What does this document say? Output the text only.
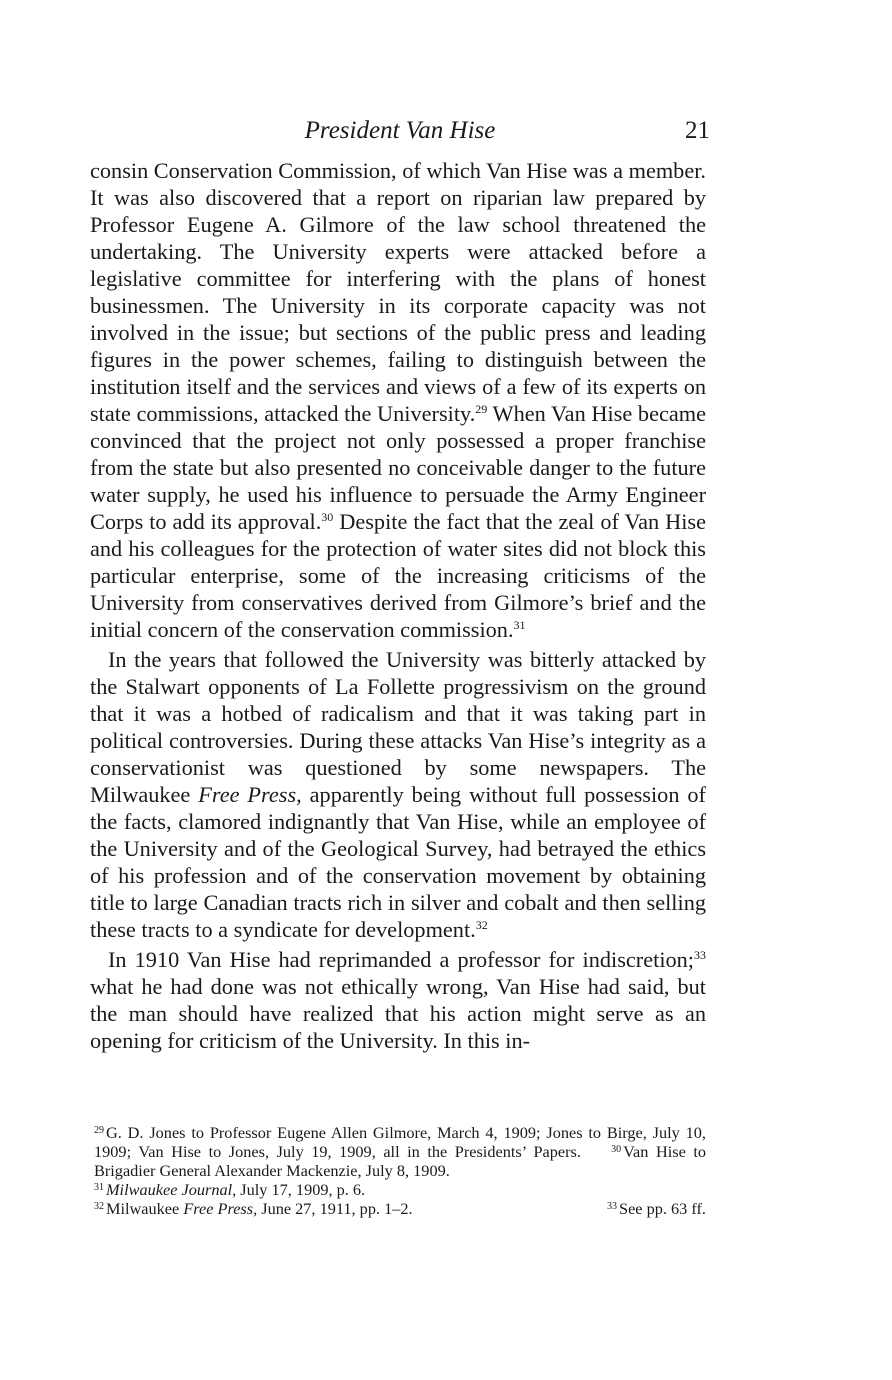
President Van Hise	21

consin Conservation Commission, of which Van Hise was a member. It was also discovered that a report on riparian law prepared by Professor Eugene A. Gilmore of the law school threatened the undertaking. The University experts were attacked before a legislative committee for interfering with the plans of honest businessmen. The University in its corporate capacity was not involved in the issue; but sections of the public press and leading figures in the power schemes, failing to distinguish between the institution itself and the services and views of a few of its experts on state commissions, attacked the University.$^{29}$ When Van Hise became convinced that the project not only possessed a proper franchise from the state but also presented no conceivable danger to the future water supply, he used his influence to persuade the Army Engineer Corps to add its approval.$^{30}$ Despite the fact that the zeal of Van Hise and his colleagues for the protection of water sites did not block this particular enterprise, some of the increasing criticisms of the University from conservatives derived from Gilmore’s brief and the initial concern of the conservation commission.$^{31}$

In the years that followed the University was bitterly attacked by the Stalwart opponents of La Follette progressivism on the ground that it was a hotbed of radicalism and that it was taking part in political controversies. During these attacks Van Hise’s integrity as a conservationist was questioned by some newspapers. The Milwaukee Free Press, apparently being without full possession of the facts, clamored indignantly that Van Hise, while an employee of the University and of the Geological Survey, had betrayed the ethics of his profession and of the conservation movement by obtaining title to large Canadian tracts rich in silver and cobalt and then selling these tracts to a syndicate for development.$^{32}$

In 1910 Van Hise had reprimanded a professor for indiscretion;$^{33}$ what he had done was not ethically wrong, Van Hise had said, but the man should have realized that his action might serve as an opening for criticism of the University. In this in-

$^{29}$ G. D. Jones to Professor Eugene Allen Gilmore, March 4, 1909; Jones to Birge, July 10, 1909; Van Hise to Jones, July 19, 1909, all in the Presidents’ Papers.	$^{30}$ Van Hise to Brigadier General Alexander Mackenzie, July 8, 1909.

$^{31}$ Milwaukee Journal, July 17, 1909, p. 6.
$^{32}$ Milwaukee Free Press, June 27, 1911, pp. 1–2.	$^{33}$ See pp. 63 ff.
